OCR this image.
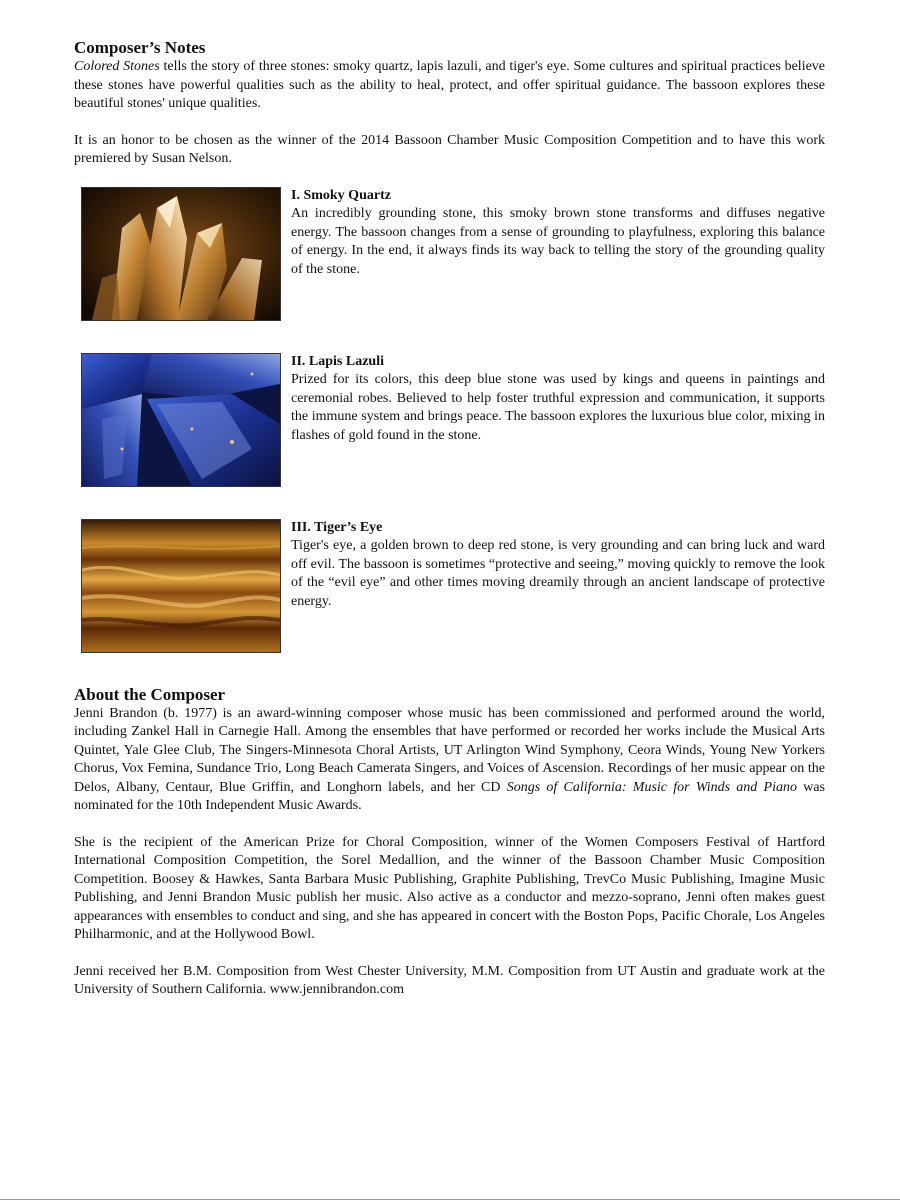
Composer’s Notes

Colored Stones tells the story of three stones: smoky quartz, lapis lazuli, and tiger's eye. Some cultures and spiritual practices believe these stones have powerful qualities such as the ability to heal, protect, and offer spiritual guidance. The bassoon explores these beautiful stones' unique qualities.

It is an honor to be chosen as the winner of the 2014 Bassoon Chamber Music Composition Competition and to have this work premiered by Susan Nelson.

I. Smoky Quartz

An incredibly grounding stone, this smoky brown stone transforms and diffuses negative energy. The bassoon changes from a sense of grounding to playfulness, exploring this balance of energy. In the end, it always finds its way back to telling the story of the grounding quality of the stone.

II. Lapis Lazuli

Prized for its colors, this deep blue stone was used by kings and queens in paintings and ceremonial robes. Believed to help foster truthful expression and communication, it supports the immune system and brings peace. The bassoon explores the luxurious blue color, mixing in flashes of gold found in the stone.

III. Tiger’s Eye

Tiger's eye, a golden brown to deep red stone, is very grounding and can bring luck and ward off evil. The bassoon is sometimes “protective and seeing,” moving quickly to remove the look of the “evil eye” and other times moving dreamily through an ancient landscape of protective energy.

About the Composer

Jenni Brandon (b. 1977) is an award-winning composer whose music has been commissioned and performed around the world, including Zankel Hall in Carnegie Hall. Among the ensembles that have performed or recorded her works include the Musical Arts Quintet, Yale Glee Club, The Singers-Minnesota Choral Artists, UT Arlington Wind Symphony, Ceora Winds, Young New Yorkers Chorus, Vox Femina, Sundance Trio, Long Beach Camerata Singers, and Voices of Ascension. Recordings of her music appear on the Delos, Albany, Centaur, Blue Griffin, and Longhorn labels, and her CD Songs of California: Music for Winds and Piano was nominated for the 10th Independent Music Awards.

She is the recipient of the American Prize for Choral Composition, winner of the Women Composers Festival of Hartford International Composition Competition, the Sorel Medallion, and the winner of the Bassoon Chamber Music Composition Competition. Boosey & Hawkes, Santa Barbara Music Publishing, Graphite Publishing, TrevCo Music Publishing, Imagine Music Publishing, and Jenni Brandon Music publish her music. Also active as a conductor and mezzo-soprano, Jenni often makes guest appearances with ensembles to conduct and sing, and she has appeared in concert with the Boston Pops, Pacific Chorale, Los Angeles Philharmonic, and at the Hollywood Bowl.

Jenni received her B.M. Composition from West Chester University, M.M. Composition from UT Austin and graduate work at the University of Southern California. www.jennibrandon.com
